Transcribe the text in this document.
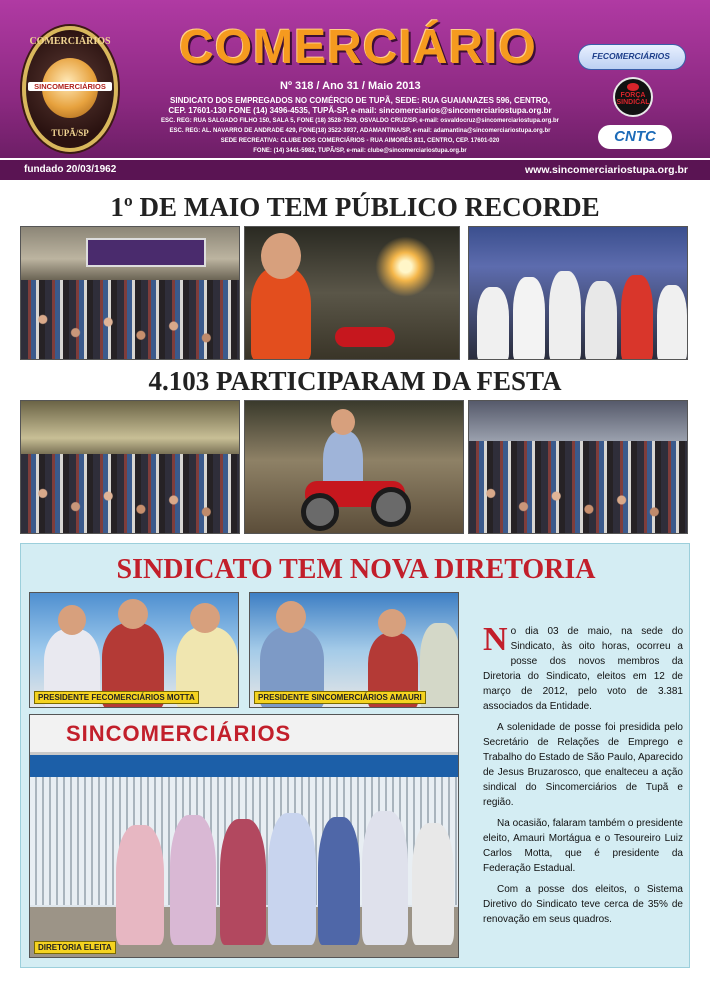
COMERCIÁRIOS
SINCOMERCIÁRIOS
TUPÃ/SP
COMERCIÁRIO
Nº 318 / Ano 31 / Maio 2013
SINDICATO DOS EMPREGADOS NO COMÉRCIO DE TUPÃ, SEDE: RUA GUAIANAZES 596, CENTRO,
CEP. 17601-130 FONE (14) 3496-4535, TUPÃ-SP, e-mail: sincomerciarios@sincomerciariostupa.org.br
ESC. REG: RUA SALGADO FILHO 150, SALA 5, FONE (18) 3528-7529, OSVALDO CRUZ/SP, e-mail: osvaldocruz@sincomerciariostupa.org.br
ESC. REG: AL. NAVARRO DE ANDRADE 429, FONE(18) 3522-3937, ADAMANTINA/SP, e-mail: adamantina@sincomerciariostupa.org.br
SEDE RECREATIVA: CLUBE DOS COMERCIÁRIOS - RUA AIMORÉS 811, CENTRO, CEP. 17601-020
FONE: (14) 3441-5982, TUPÃ/SP, e-mail: clube@sincomerciariostupa.org.br
FECOMERCIÁRIOS
FORÇA SINDICAL
CNTC
fundado 20/03/1962	www.sincomerciariostupa.org.br
1º DE MAIO TEM PÚBLICO RECORDE
4.103 PARTICIPARAM DA FESTA
SINDICATO TEM NOVA DIRETORIA
PRESIDENTE FECOMERCIÁRIOS MOTTA	PRESIDENTE SINCOMERCIÁRIOS AMAURI
SINCOMERCIÁRIOS
DIRETORIA ELEITA

No dia 03 de maio, na sede do Sindicato, às oito horas, ocorreu a posse dos novos membros da Diretoria do Sindicato, eleitos em 12 de março de 2012, pelo voto de 3.381 associados da Entidade.

A solenidade de posse foi presidida pelo Secretário de Relações de Emprego e Trabalho do Estado de São Paulo, Aparecido de Jesus Bruzarosco, que enalteceu a ação sindical do Sincomerciários de Tupã e região.

Na ocasião, falaram também o presidente eleito, Amauri Mortágua e o Tesoureiro Luiz Carlos Motta, que é presidente da Federação Estadual.

Com a posse dos eleitos, o Sistema Diretivo do Sindicato teve cerca de 35% de renovação em seus quadros.
